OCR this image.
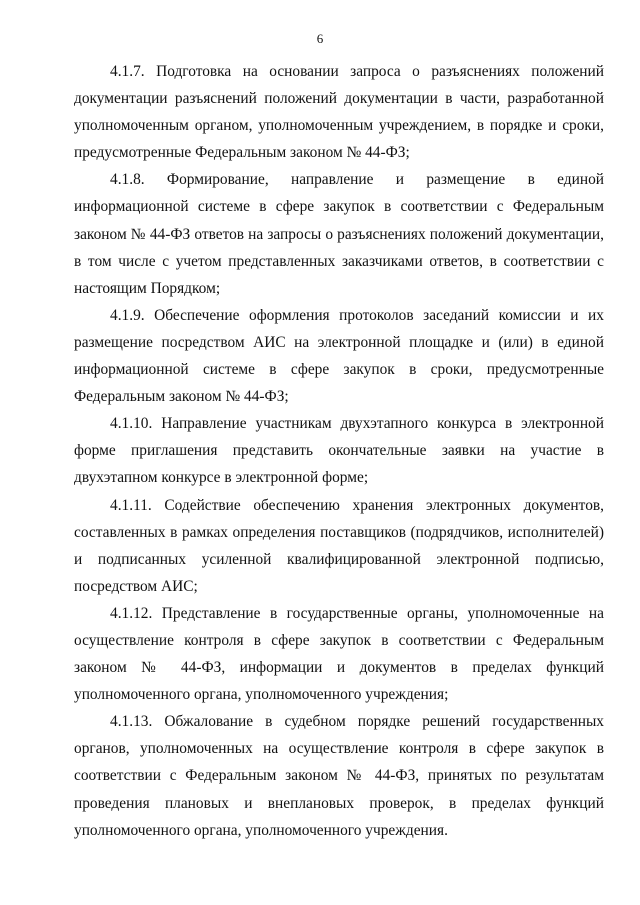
6

4.1.7. Подготовка на основании запроса о разъяснениях положений документации разъяснений положений документации в части, разработанной уполномоченным органом, уполномоченным учреждением, в порядке и сроки, предусмотренные Федеральным законом № 44-ФЗ;

4.1.8. Формирование, направление и размещение в единой информационной системе в сфере закупок в соответствии с Федеральным законом № 44-ФЗ ответов на запросы о разъяснениях положений документации, в том числе с учетом представленных заказчиками ответов, в соответствии с настоящим Порядком;

4.1.9. Обеспечение оформления протоколов заседаний комиссии и их размещение посредством АИС на электронной площадке и (или) в единой информационной системе в сфере закупок в сроки, предусмотренные Федеральным законом № 44-ФЗ;

4.1.10. Направление участникам двухэтапного конкурса в электронной форме приглашения представить окончательные заявки на участие в двухэтапном конкурсе в электронной форме;

4.1.11. Содействие обеспечению хранения электронных документов, составленных в рамках определения поставщиков (подрядчиков, исполнителей) и подписанных усиленной квалифицированной электронной подписью, посредством АИС;

4.1.12. Представление в государственные органы, уполномоченные на осуществление контроля в сфере закупок в соответствии с Федеральным законом № 44-ФЗ, информации и документов в пределах функций уполномоченного органа, уполномоченного учреждения;

4.1.13. Обжалование в судебном порядке решений государственных органов, уполномоченных на осуществление контроля в сфере закупок в соответствии с Федеральным законом № 44-ФЗ, принятых по результатам проведения плановых и внеплановых проверок, в пределах функций уполномоченного органа, уполномоченного учреждения.
